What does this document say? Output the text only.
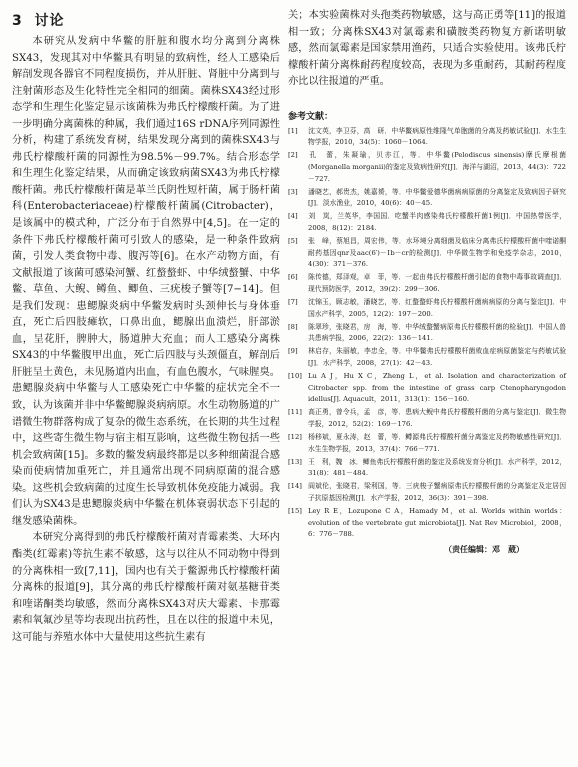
3 讨论

本研究从发病中华鳖的肝脏和腹水均分离到分离株SX43，发现其对中华鳖具有明显的致病性，经人工感染后解剖发现各器官不同程度损伤，并从肝脏、肾脏中分离到与注射菌形态及生化特性完全相同的细菌。菌株SX43经过形态学和生理生化鉴定显示该菌株为弗氏柠檬酸杆菌。为了进一步明确分离菌株的种属，我们通过16S rDNA序列同源性分析，构建了系统发育树，结果发现分离到的菌株SX43与弗氏柠檬酸杆菌的同源性为98.5%－99.7%。结合形态学和生理生化鉴定结果，从而确定该致病菌SX43为弗氏柠檬酸杆菌。弗氏柠檬酸杆菌是革兰氏阴性短杆菌，属于肠杆菌科(Enterobacteriaceae)柠檬酸杆菌属(Citrobacter)，是该属中的模式种，广泛分布于自然界中[4,5]。在一定的条件下弗氏柠檬酸杆菌可引致人的感染，是一种条件致病菌，引发人类食物中毒、腹泻等[6]。在水产动物方面，有文献报道了该菌可感染河蟹、红螯螯虾、中华绒螯蟹、中华鳖、草鱼、大鲵、鳟鱼、鲫鱼、三疣梭子蟹等[7−14]。但是我们发现：患鳃腺炎病中华鳖发病时头颈伸长与身体垂直，死亡后四肢瘫软，口鼻出血，鳃腺出血溃烂，肝部淤血，呈花肝，脾肿大，肠道肿大充血；而人工感染分离株SX43的中华鳖腹甲出血，死亡后四肢与头颈僵直，解剖后肝脏呈土黄色，未见肠道内出血，有血色腹水，气味腥臭。患鳃腺炎病中华鳖与人工感染死亡中华鳖的症状完全不一致，认为该菌并非中华鳖鳃腺炎病病原。水生动物肠道的广谱微生物群落构成了复杂的微生态系统，在长期的共生过程中，这些寄生微生物与宿主相互影响，这些微生物包括一些机会致病菌[15]。多数的鳖发病最终都是以多种细菌混合感染而使病情加重死亡，并且通常出现不同病原菌的混合感染。这些机会致病菌的过度生长导致机体免疫能力减弱。我们认为SX43是患鳃腺炎病中华鳖在机体衰弱状态下引起的继发感染菌株。

本研究分离得到的弗氏柠檬酸杆菌对青霉素类、大环内酯类(红霉素)等抗生素不敏感，这与以往从不同动物中得到的分离株相一致[7,11]，国内也有关于鳖源弗氏柠檬酸杆菌分离株的报道[9]，其分离的弗氏柠檬酸杆菌对氨基糖苷类和喹诺酮类均敏感，然而分离株SX43对庆大霉素、卡那霉素和氧氟沙星等均表现出抗药性，且在以往的报道中未见，这可能与养殖水体中大量使用这些抗生素有

关；本实验菌株对头孢类药物敏感，这与高正勇等[11]的报道相一致；分离株SX43对氯霉素和磺胺类药物复方新诺明敏感，然而氯霉素是国家禁用渔药，只适合实验使用。该弗氏柠檬酸杆菌分离株耐药程度较高，表现为多重耐药，其耐药程度亦比以往报道的严重。

参考文献：
[1] 沈文英，李卫芬，高　研．中华鳖病原性维隆气单胞菌的分离及药敏试验[J]．水生生物学报，2010，34(5)：1060－1064.
[2] 孔　蕾，朱凝瑜，贝亦江，等．中华鳖(Pelodiscus sinensis)摩氏摩根菌(Morganella morganii)的鉴定及致病性研究[J]．海洋与湖沼，2013，44(3)：722－727.
[3] 潘晓艺，郝贵杰，姚嘉赟，等．中华鳖爱德华菌病病原菌的分离鉴定及致病因子研究[J]．淡水渔业，2010，40(6)：40－45.
[4] 刘　岚，兰英华，李国国．吃蟹半肉感染弗氏柠檬酸杆菌1例[J]．中国热带医学，2008，8(12)：2184.
[5] 张　峰，蔡旭昌，周宏伟，等．水环境分离细菌及临床分离弗氏柠檬酸杆菌中喹诺酮耐药基因qnr及aac(6′)－Ⅰb－cr的检测[J]．中华微生物学和免疫学杂志，2010，4(30)：371－376.
[6] 陈传德，郑泽观，卓　菲，等．一起由弗氏柠檬酸杆菌引起的食物中毒事故调查[J]．现代预防医学，2012，39(2)：299－306.
[7] 沈锦玉，顾志敏，潘晓艺，等．红螯螯虾弗氏柠檬酸杆菌病病原的分离与鉴定[J]．中国水产科学，2005，12(2)：197－200.
[8] 陈翠珍，张晓君，房　海，等．中华绒螯蟹病原弗氏柠檬酸杆菌的检验[J]．中国人兽共患病学报，2006，22(2)：136－141.
[9] 林启存，朱丽敏，李忠全，等．中华鳖弗氏柠檬酸杆菌败血症病原菌鉴定与药敏试验[J]．水产科学，2008，27(1)：42－43.
[10] Lu A J，Hu X C，Zheng L，et al. Isolation and characterization of Citrobacter spp. from the intestine of grass carp Ctenopharyngodon idellus[J]. Aquacult，2011，313(1)：156－160.
[11] 高正勇，曾令兵，孟　彦，等．患病大鲵中弗氏柠檬酸杆菌的分离与鉴定[J]．微生物学报，2012，52(2)：169－176.
[12] 杨移斌，夏永涛，赵　蕾，等．鳟源弗氏柠檬酸杆菌分离鉴定及药物敏感性研究[J]．水生生物学报，2013，37(4)：766－771.
[13] 王　利，魏　冰．鲫鱼弗氏柠檬酸杆菌的鉴定及系统发育分析[J]．水产科学，2012，31(8)：481－484.
[14] 阎斌伦，张晓君，梁利国，等．三疣梭子蟹病原弗氏柠檬酸杆菌的分离鉴定及定居因子抗原基因检测[J]．水产学报，2012，36(3)：391－398.
[15] Ley R E，Lozupone C A，Hamady M，et al. Worlds within worlds：evolution of the vertebrate gut microbiota[J]. Nat Rev Microbiol，2008，6：776－788.
（责任编辑：邓　葳）
